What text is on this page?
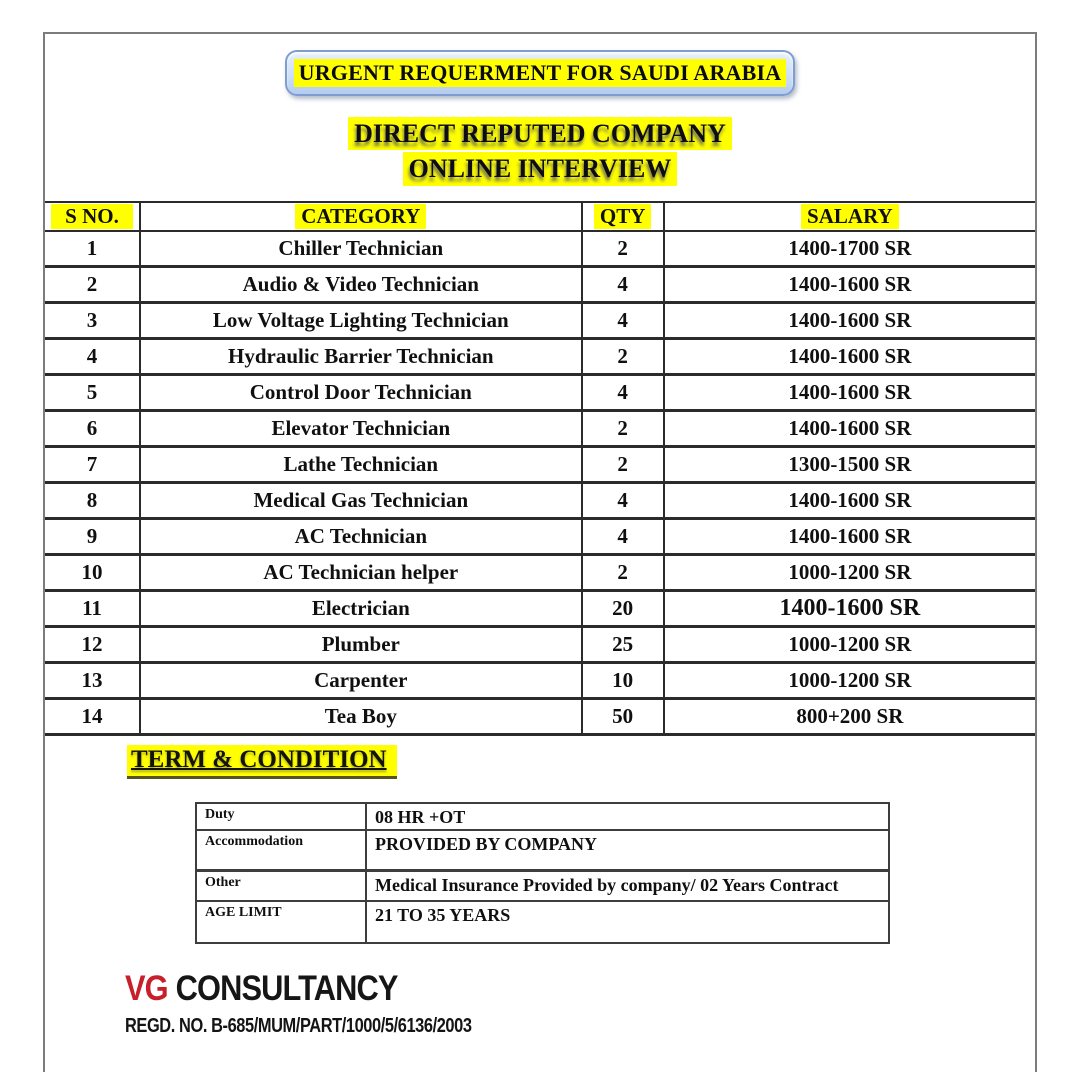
URGENT REQUERMENT FOR SAUDI ARABIA
DIRECT REPUTED COMPANY
ONLINE INTERVIEW
S NO.	CATEGORY	QTY	SALARY
1	Chiller Technician	2	1400-1700 SR
2	Audio & Video Technician	4	1400-1600 SR
3	Low Voltage Lighting Technician	4	1400-1600 SR
4	Hydraulic Barrier Technician	2	1400-1600 SR
5	Control Door Technician	4	1400-1600 SR
6	Elevator Technician	2	1400-1600 SR
7	Lathe Technician	2	1300-1500 SR
8	Medical Gas Technician	4	1400-1600 SR
9	AC Technician	4	1400-1600 SR
10	AC Technician helper	2	1000-1200 SR
11	Electrician	20	1400-1600 SR
12	Plumber	25	1000-1200 SR
13	Carpenter	10	1000-1200 SR
14	Tea Boy	50	800+200 SR
TERM & CONDITION
Duty	08 HR +OT
Accommodation	PROVIDED BY COMPANY
Other	Medical Insurance Provided by company/ 02 Years Contract
AGE LIMIT	21 TO 35 YEARS
VG CONSULTANCY
REGD. NO. B-685/MUM/PART/1000/5/6136/2003
